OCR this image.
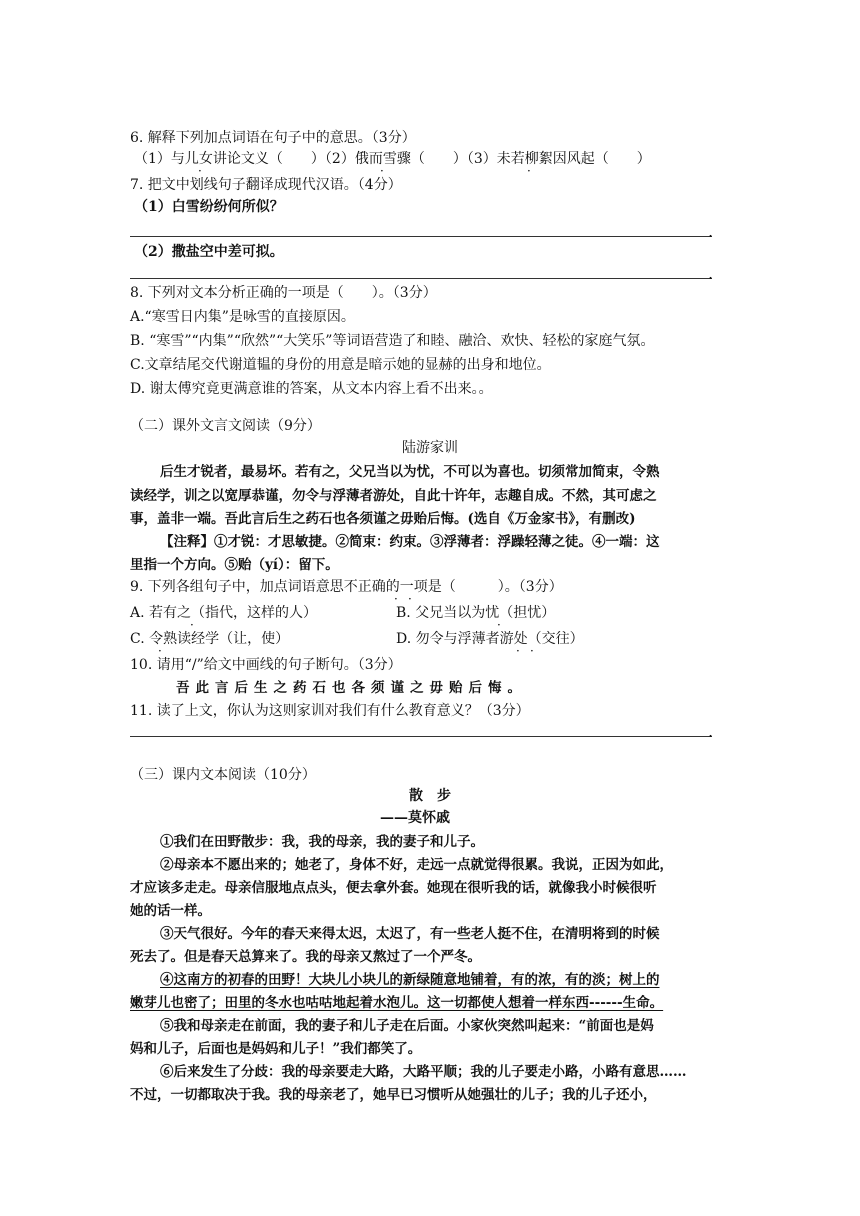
6. 解释下列加点词语在句子中的意思。（3分）
（1）与儿女讲论文义（　　）（2）俄而雪骤（　　）（3）未若柳絮因风起（　　）
·	·	·
7. 把文中划线句子翻译成现代汉语。（4分）
（1）白雪纷纷何所似？
.
（2）撒盐空中差可拟。
.
8. 下列对文本分析正确的一项是（　　）。（3分）
A.“寒雪日内集”是咏雪的直接原因。
B. “寒雪”“内集”“欣然”“大笑乐”等词语营造了和睦、融洽、欢快、轻松的家庭气氛。
C.文章结尾交代谢道韫的身份的用意是暗示她的显赫的出身和地位。
D. 谢太傅究竟更满意谁的答案，从文本内容上看不出来。。
（二）课外文言文阅读（9分）
陆游家训
后生才锐者，最易坏。若有之，父兄当以为忧，不可以为喜也。切须常加简束，令熟
读经学，训之以宽厚恭谨，勿令与浮薄者游处，自此十许年，志趣自成。不然，其可虑之
事，盖非一端。吾此言后生之药石也各须谨之毋贻后悔。(选自《万金家书》，有删改)
【注释】①才锐：才思敏捷。②简束：约束。③浮薄者：浮躁轻薄之徒。④一端：这
里指一个方向。⑤贻（yí）：留下。
9. 下列各组句子中，加点词语意思不正确的一项是（　　　）。（3分）
· ·
A. 若有之（指代，这样的人）	B. 父兄当以为忧（担忧）
·	·
C. 令熟读经学（让，使）	D. 勿令与浮薄者游处（交往）
·	· ·
10. 请用“/”给文中画线的句子断句。（3分）
吾此言后生之药石也各须谨之毋贻后悔。
11. 读了上文，你认为这则家训对我们有什么教育意义？（3分）
.
（三）课内文本阅读（10分）
散　步
——莫怀戚
①我们在田野散步：我，我的母亲，我的妻子和儿子。
②母亲本不愿出来的；她老了，身体不好，走远一点就觉得很累。我说，正因为如此，
才应该多走走。母亲信服地点点头，便去拿外套。她现在很听我的话，就像我小时候很听
她的话一样。
③天气很好。今年的春天来得太迟，太迟了，有一些老人挺不住，在清明将到的时候
死去了。但是春天总算来了。我的母亲又熬过了一个严冬。
④这南方的初春的田野！大块儿小块儿的新绿随意地铺着，有的浓，有的淡；树上的
嫩芽儿也密了；田里的冬水也咕咕地起着水泡儿。这一切都使人想着一样东西------生命。
⑤我和母亲走在前面，我的妻子和儿子走在后面。小家伙突然叫起来：“前面也是妈
妈和儿子，后面也是妈妈和儿子！”我们都笑了。
⑥后来发生了分歧：我的母亲要走大路，大路平顺；我的儿子要走小路，小路有意思……
不过，一切都取决于我。我的母亲老了，她早已习惯听从她强壮的儿子；我的儿子还小，
